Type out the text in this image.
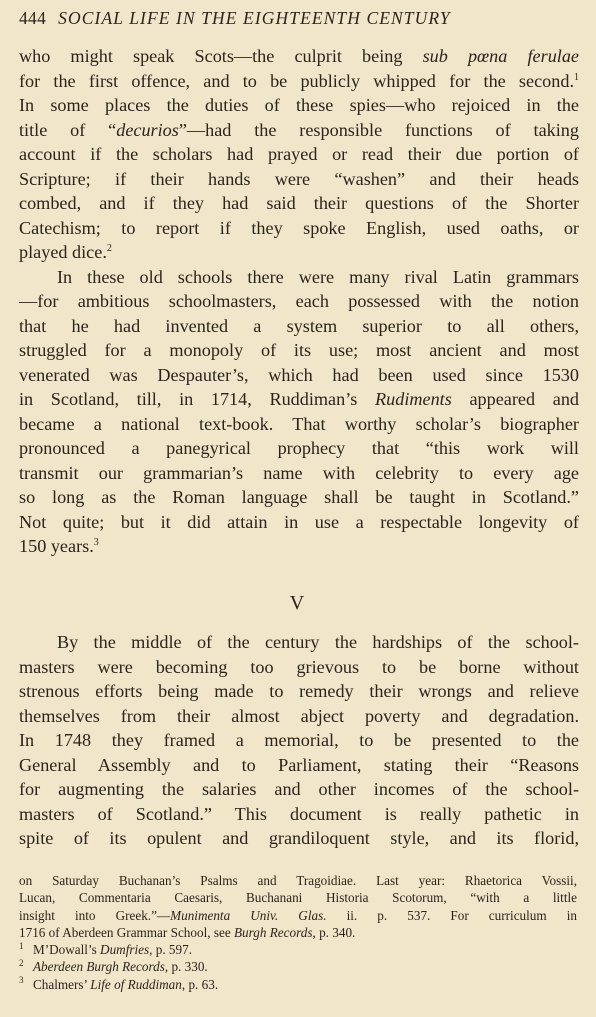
444 SOCIAL LIFE IN THE EIGHTEENTH CENTURY
who might speak Scots—the culprit being sub pœna ferulae
for the first offence, and to be publicly whipped for the second.$^1$
In some places the duties of these spies—who rejoiced in the
title of “decurios”—had the responsible functions of taking
account if the scholars had prayed or read their due portion of
Scripture; if their hands were “washen” and their heads
combed, and if they had said their questions of the Shorter
Catechism; to report if they spoke English, used oaths, or
played dice.$^2$
In these old schools there were many rival Latin grammars
—for ambitious schoolmasters, each possessed with the notion
that he had invented a system superior to all others,
struggled for a monopoly of its use; most ancient and most
venerated was Despauter’s, which had been used since 1530
in Scotland, till, in 1714, Ruddiman’s Rudiments appeared and
became a national text-book. That worthy scholar’s biographer
pronounced a panegyrical prophecy that “this work will
transmit our grammarian’s name with celebrity to every age
so long as the Roman language shall be taught in Scotland.”
Not quite; but it did attain in use a respectable longevity of
150 years.$^3$
V
By the middle of the century the hardships of the school-
masters were becoming too grievous to be borne without
strenous efforts being made to remedy their wrongs and relieve
themselves from their almost abject poverty and degradation.
In 1748 they framed a memorial, to be presented to the
General Assembly and to Parliament, stating their “Reasons
for augmenting the salaries and other incomes of the school-
masters of Scotland.” This document is really pathetic in
spite of its opulent and grandiloquent style, and its florid,
on Saturday Buchanan’s Psalms and Tragoidiae. Last year: Rhaetorica Vossii,
Lucan, Commentaria Caesaris, Buchanani Historia Scotorum, “with a little
insight into Greek.”—Munimenta Univ. Glas. ii. p. 537. For curriculum in
1716 of Aberdeen Grammar School, see Burgh Records, p. 340.
$^1$ M’Dowall’s Dumfries, p. 597.
$^2$ Aberdeen Burgh Records, p. 330.
$^3$ Chalmers’ Life of Ruddiman, p. 63.
